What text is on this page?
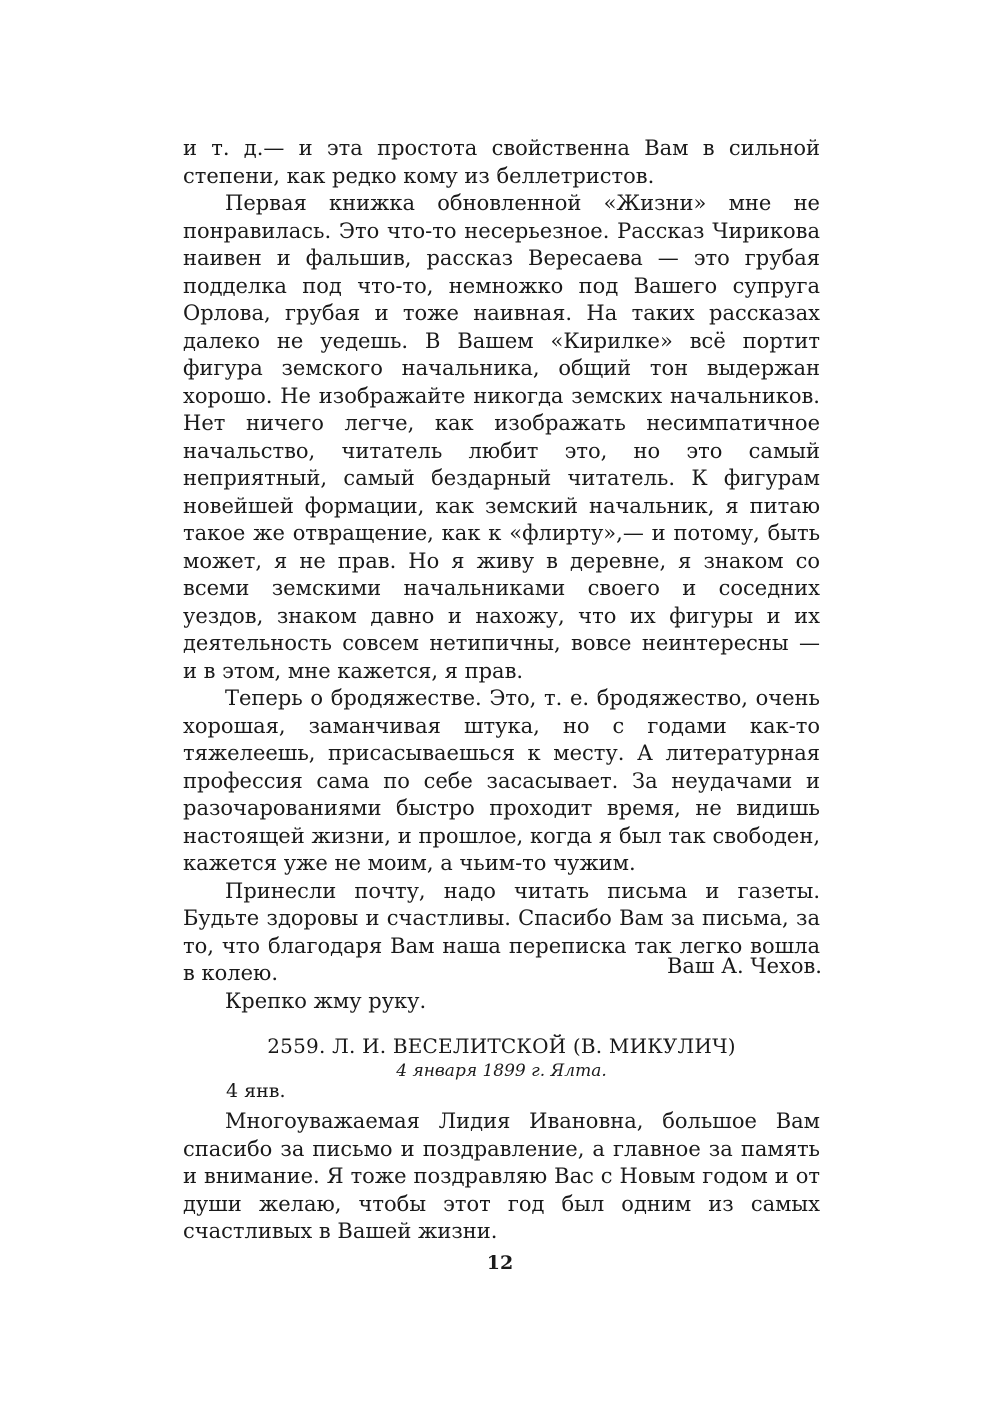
и т. д.— и эта простота свойственна Вам в сильной степени, как редко кому из беллетристов.

Первая книжка обновленной «Жизни» мне не понравилась. Это что-то несерьезное. Рассказ Чирикова наивен и фальшив, рассказ Вересаева — это грубая подделка под что-то, немножко под Вашего супруга Орлова, грубая и тоже наивная. На таких рассказах далеко не уедешь. В Вашем «Кирилке» всё портит фигура земского начальника, общий тон выдержан хорошо. Не изображайте никогда земских начальников. Нет ничего легче, как изображать несимпатичное начальство, читатель любит это, но это самый неприятный, самый бездарный читатель. К фигурам новейшей формации, как земский начальник, я питаю такое же отвращение, как к «флирту»,— и потому, быть может, я не прав. Но я живу в деревне, я знаком со всеми земскими начальниками своего и соседних уездов, знаком давно и нахожу, что их фигуры и их деятельность совсем нетипичны, вовсе неинтересны — и в этом, мне кажется, я прав.

Теперь о бродяжестве. Это, т. е. бродяжество, очень хорошая, заманчивая штука, но с годами как-то тяжелеешь, присасываешься к месту. А литературная профессия сама по себе засасывает. За неудачами и разочарованиями быстро проходит время, не видишь настоящей жизни, и прошлое, когда я был так свободен, кажется уже не моим, а чьим-то чужим.

Принесли почту, надо читать письма и газеты. Будьте здоровы и счастливы. Спасибо Вам за письма, за то, что благодаря Вам наша переписка так легко вошла в колею.

Крепко жму руку.

Ваш А. Чехов.
2559. Л. И. ВЕСЕЛИТСКОЙ (В. МИКУЛИЧ)
4 января 1899 г. Ялта.
4 янв.

Многоуважаемая Лидия Ивановна, большое Вам спасибо за письмо и поздравление, а главное за память и внимание. Я тоже поздравляю Вас с Новым годом и от души желаю, чтобы этот год был одним из самых счастливых в Вашей жизни.

12
